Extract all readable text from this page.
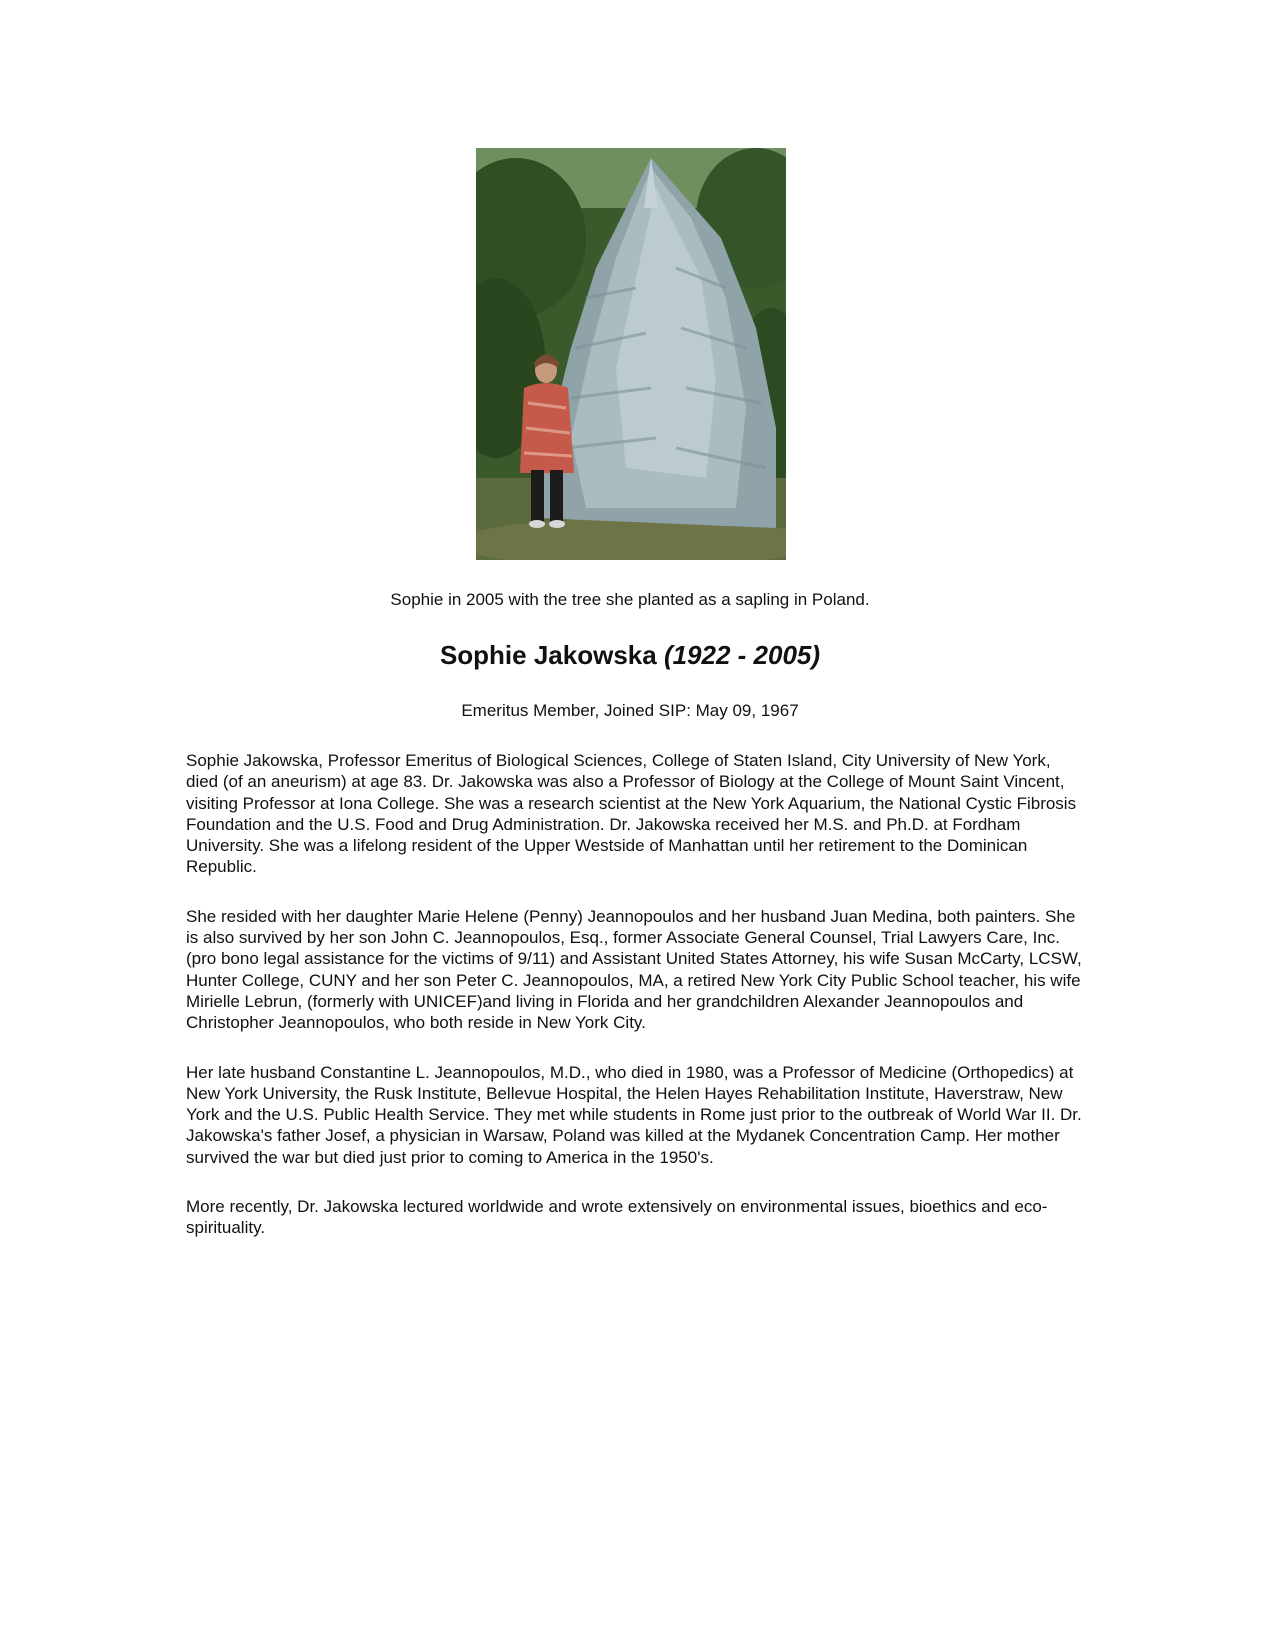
Sophie in 2005 with the tree she planted as a sapling in Poland.
Sophie Jakowska (1922 - 2005)
Emeritus Member, Joined SIP: May 09, 1967

Sophie Jakowska, Professor Emeritus of Biological Sciences, College of Staten Island, City University of New York, died (of an aneurism) at age 83. Dr. Jakowska was also a Professor of Biology at the College of Mount Saint Vincent, visiting Professor at Iona College. She was a research scientist at the New York Aquarium, the National Cystic Fibrosis Foundation and the U.S. Food and Drug Administration. Dr. Jakowska received her M.S. and Ph.D. at Fordham University. She was a lifelong resident of the Upper Westside of Manhattan until her retirement to the Dominican Republic.

She resided with her daughter Marie Helene (Penny) Jeannopoulos and her husband Juan Medina, both painters. She is also survived by her son John C. Jeannopoulos, Esq., former Associate General Counsel, Trial Lawyers Care, Inc. (pro bono legal assistance for the victims of 9/11) and Assistant United States Attorney, his wife Susan McCarty, LCSW, Hunter College, CUNY and her son Peter C. Jeannopoulos, MA, a retired New York City Public School teacher, his wife Mirielle Lebrun, (formerly with UNICEF)and living in Florida and her grandchildren Alexander Jeannopoulos and Christopher Jeannopoulos, who both reside in New York City.

Her late husband Constantine L. Jeannopoulos, M.D., who died in 1980, was a Professor of Medicine (Orthopedics) at New York University, the Rusk Institute, Bellevue Hospital, the Helen Hayes Rehabilitation Institute, Haverstraw, New York and the U.S. Public Health Service. They met while students in Rome just prior to the outbreak of World War II. Dr. Jakowska's father Josef, a physician in Warsaw, Poland was killed at the Mydanek Concentration Camp. Her mother survived the war but died just prior to coming to America in the 1950's.

More recently, Dr. Jakowska lectured worldwide and wrote extensively on environmental issues, bioethics and eco-spirituality.
